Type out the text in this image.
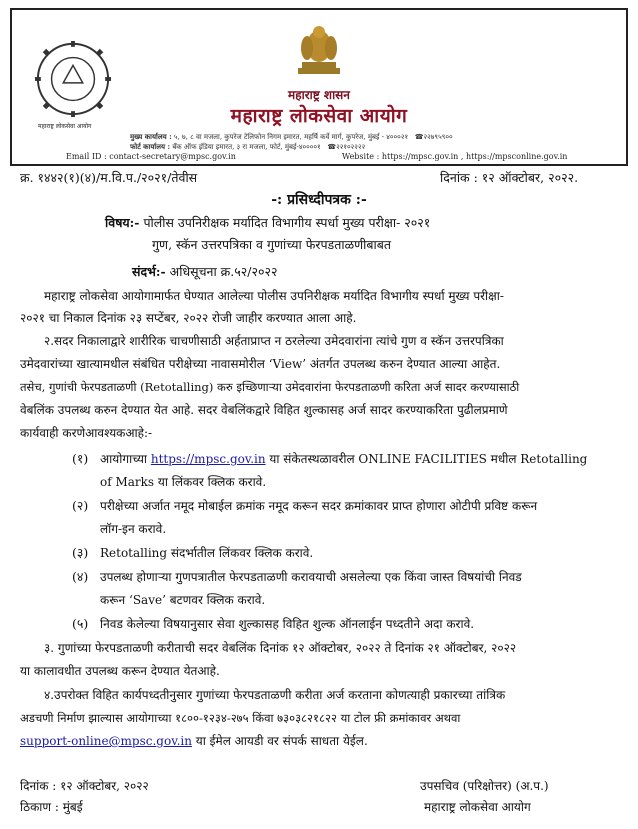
महाराष्ट्र लोकसेवा आयोग
महाराष्ट्र शासन
महाराष्ट्र लोकसेवा आयोग
मुख्य कार्यालय : ५, ७, ८ वा मजला, कुपरेज टेलिफोन निगम इमारत, महर्षि कर्वे मार्ग, कुपरेज, मुंबई - ४०००२१ ☎२२७९५९००
फोर्ट कार्यालय : बँक ऑफ इंडिया इमारत, ३ रा मजला, फोर्ट, मुंबई-४००००१ ☎२२१०२२२२
Email ID : contact-secretary@mpsc.gov.in	Website : https://mpsc.gov.in , https://mpsconline.gov.in
क्र. १४४२(१)(४)/म.वि.प./२०२१/तेवीस	दिनांक : १२ ऑक्टोबर, २०२२.
-: प्रसिध्दीपत्रक :-
विषय:- पोलीस उपनिरीक्षक मर्यादित विभागीय स्पर्धा मुख्य परीक्षा- २०२१
गुण, स्कॅन उत्तरपत्रिका व गुणांच्या फेरपडताळणीबाबत
संदर्भ:- अधिसूचना क्र.५२/२०२२
महाराष्ट्र लोकसेवा आयोगामार्फत घेण्यात आलेल्या पोलीस उपनिरीक्षक मर्यादित विभागीय स्पर्धा मुख्य परीक्षा-
२०२१ चा निकाल दिनांक २३ सप्टेंबर, २०२२ रोजी जाहीर करण्यात आला आहे.
२.सदर निकालाद्वारे शारीरिक चाचणीसाठी अर्हताप्राप्त न ठरलेल्या उमेदवारांना त्यांचे गुण व स्कॅन उत्तरपत्रिका
उमेदवारांच्या खात्यामधील संबंधित परीक्षेच्या नावासमोरील ‘View’ अंतर्गत उपलब्ध करुन देण्यात आल्या आहेत.
तसेच, गुणांची फेरपडताळणी (Retotalling) करु इच्छिणाऱ्या उमेदवारांना फेरपडताळणी करिता अर्ज सादर करण्यासाठी
वेबलिंक उपलब्ध करुन देण्यात येत आहे. सदर वेबलिंकद्वारे विहित शुल्कासह अर्ज सादर करण्याकरिता पुढीलप्रमाणे
कार्यवाही करणेआवश्यकआहे:-
(१) आयोगाच्या https://mpsc.gov.in या संकेतस्थळावरील ONLINE FACILITIES मधील Retotalling
of Marks या लिंकवर क्लिक करावे.
(२) परीक्षेच्या अर्जात नमूद मोबाईल क्रमांक नमूद करून सदर क्रमांकावर प्राप्त होणारा ओटीपी प्रविष्ट करून
लॉग-इन करावे.
(३) Retotalling संदर्भातील लिंकवर क्लिक करावे.
(४) उपलब्ध होणाऱ्या गुणपत्रातील फेरपडताळणी करावयाची असलेल्या एक किंवा जास्त विषयांची निवड
करून ‘Save’ बटणवर क्लिक करावे.
(५) निवड केलेल्या विषयानुसार सेवा शुल्कासह विहित शुल्क ऑनलाईन पध्दतीने अदा करावे.
३. गुणांच्या फेरपडताळणी करीताची सदर वेबलिंक दिनांक १२ ऑक्टोबर, २०२२ ते दिनांक २१ ऑक्टोबर, २०२२
या कालावधीत उपलब्ध करून देण्यात येतआहे.
४.उपरोक्त विहित कार्यपध्दतीनुसार गुणांच्या फेरपडताळणी करीता अर्ज करताना कोणत्याही प्रकारच्या तांत्रिक
अडचणी निर्माण झाल्यास आयोगाच्या १८००-१२३४-२७५ किंवा ७३०३८२१८२२ या टोल फ्री क्रमांकावर अथवा
support-online@mpsc.gov.in या ईमेल आयडी वर संपर्क साधता येईल.
दिनांक : १२ ऑक्टोबर, २०२२
ठिकाण : मुंबई
उपसचिव (परिक्षोत्तर) (अ.प.)
महाराष्ट्र लोकसेवा आयोग
